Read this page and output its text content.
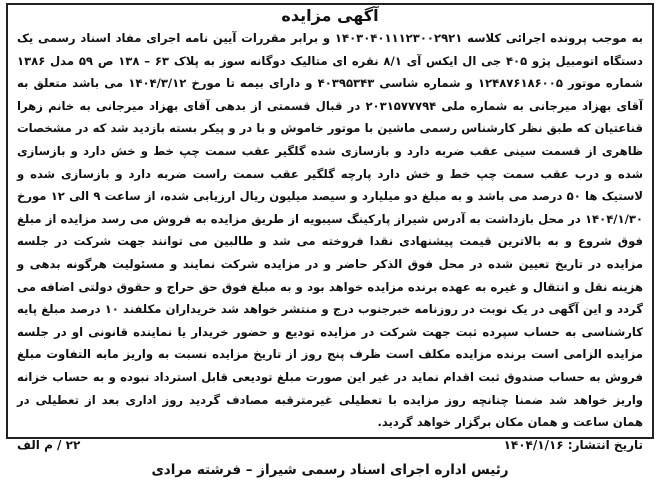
آگهی مزایده

به موجب پرونده اجرائی کلاسه ۱۴۰۳۰۴۰۱۱۱۲۳۰۰۲۹۲۱ و برابر مقررات آیین نامه اجرای مفاد اسناد رسمی یک دستگاه اتومبیل پژو ۴۰۵ جی ال ایکس آی ۸/۱ نقره ای متالیک دوگانه سوز به پلاک ۶۳ – ۱۳۸ ص ۵۹ مدل ۱۳۸۶ شماره موتور ۱۲۴۸۷۶۱۸۶۰۰۵ و شماره شاسی ۴۰۳۹۵۳۴۳ و دارای بیمه تا مورخ ۱۴۰۴/۳/۱۲ می باشد متعلق به آقای بهزاد میرجانی به شماره ملی ۲۰۳۱۵۷۷۷۹۴ در قبال قسمتی از بدهی آقای بهزاد میرجانی به خانم زهرا قناعتیان که طبق نظر کارشناس رسمی ماشین با موتور خاموش و با در و پیکر بسته بازدید شد که در مشخصات ظاهری از قسمت سینی عقب ضربه دارد و بازسازی شده گلگیر عقب سمت چپ خط و خش دارد و بازسازی شده و درب عقب سمت چپ خط و خش دارد پارچه گلگیر عقب سمت راست ضربه دارد و بازسازی شده و لاستیک ها ۵۰ درصد می باشد و به مبلغ دو میلیارد و سیصد میلیون ریال ارزیابی شده، از ساعت ۹ الی ۱۲ مورخ ۱۴۰۴/۱/۳۰ در محل بازداشت به آدرس شیراز پارکینگ سیبویه از طریق مزایده به فروش می رسد مزایده از مبلغ فوق شروع و به بالاترین قیمت پیشنهادی نقدا فروخته می شد و طالبین می توانند جهت شرکت در جلسه مزایده در تاریخ تعیین شده در محل فوق الذکر حاضر و در مزایده شرکت نمایند و مسئولیت هرگونه بدهی و هزینه نقل و انتقال و غیره به عهده برنده مزایده خواهد بود و به مبلغ فوق حق حراج و حقوق دولتی اضافه می گردد و این آگهی در یک نوبت در روزنامه خبرجنوب درج و منتشر خواهد شد خریداران مکلفند ۱۰ درصد مبلغ پایه کارشناسی به حساب سپرده ثبت جهت شرکت در مزایده تودیع و حضور خریدار یا نماینده قانونی او در جلسه مزایده الزامی است برنده مزایده مکلف است ظرف پنج روز از تاریخ مزایده نسبت به واریز مابه التفاوت مبلغ فروش به حساب صندوق ثبت اقدام نماید در غیر این صورت مبلغ تودیعی قابل استرداد نبوده و به حساب خزانه واریز خواهد شد ضمنا چنانچه روز مزایده با تعطیلی غیرمترقبه مصادف گردید روز اداری بعد از تعطیلی در همان ساعت و همان مکان برگزار خواهد گردید.

تاریخ انتشار: ۱۴۰۴/۱/۱۶
۲۲ / م الف
رئیس اداره اجرای اسناد رسمی شیراز – فرشته مرادی
